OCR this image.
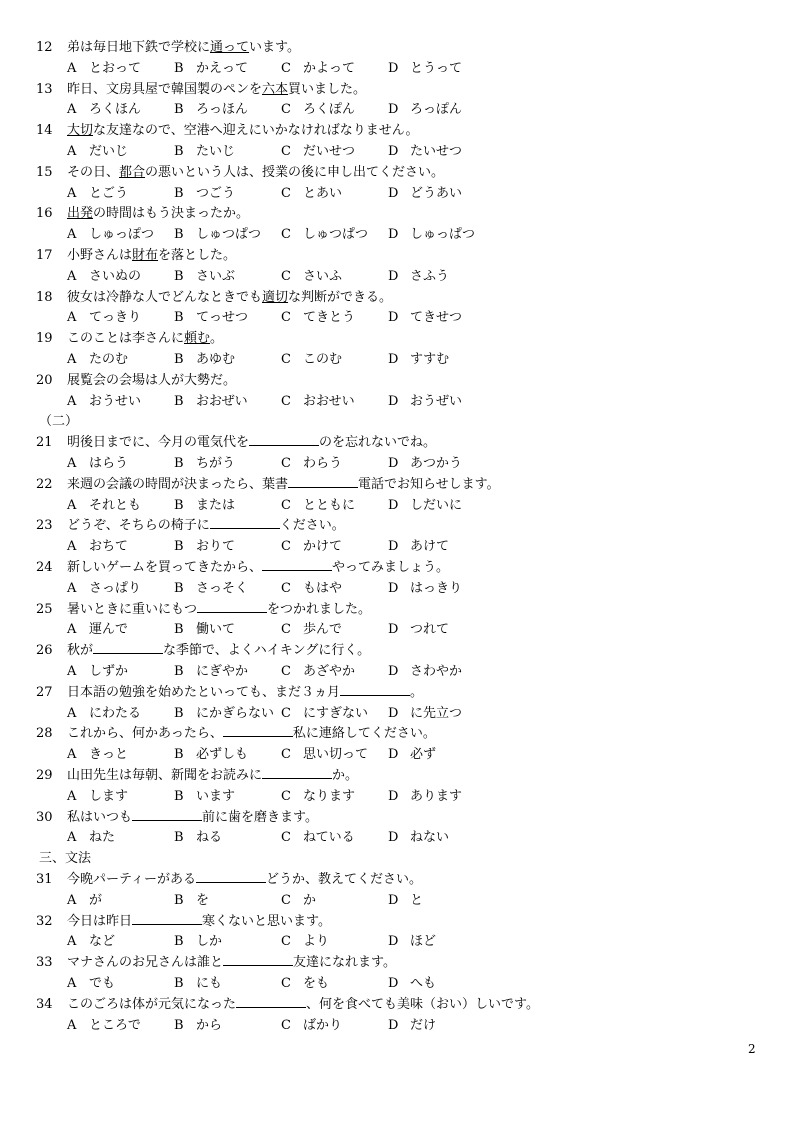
12	弟は毎日地下鉄で学校に通っています。
A とおって	B かえって	C かよって	D とうって
13	昨日、文房具屋で韓国製のペンを六本買いました。
A ろくほん	B ろっほん	C ろくぽん	D ろっぽん
14	大切な友達なので、空港へ迎えにいかなければなりません。
A だいじ	B たいじ	C だいせつ	D たいせつ
15	その日、都合の悪いという人は、授業の後に申し出てください。
A とごう	B つごう	C とあい	D どうあい
16	出発の時間はもう決まったか。
A しゅっぽつ B しゅつぱつ C しゅつぱつ D しゅっぱつ
17	小野さんは財布を落とした。
A さいぬの	B さいぶ	C さいふ	D さふう
18	彼女は冷静な人でどんなときでも適切な判断ができる。
A てっきり	B てっせつ	C てきとう	D てきせつ
19	このことは李さんに頼む。
A たのむ	B あゆむ	C このむ	D すすむ
20	展覧会の会場は人が大勢だ。
A おうせい	B おおぜい	C おおせい	D おうぜい
（二）
21	明後日までに、今月の電気代を	のを忘れないでね。
A はらう	B ちがう	C わらう	D あつかう
22	来週の会議の時間が決まったら、葉書	電話でお知らせします。
A それとも	B または	C とともに	D しだいに
23	どうぞ、そちらの椅子に	ください。
A おちて	B おりて	C かけて	D あけて
24	新しいゲームを買ってきたから、	やってみましょう。
A さっぱり	B さっそく	C もはや	D はっきり
25	暑いときに重いにもつ	をつかれました。
A 運んで	B 働いて	C 歩んで	D つれて
26	秋が	な季節で、よくハイキングに行く。
A しずか	B にぎやか	C あざやか	D さわやか
27	日本語の勉強を始めたといっても、まだ３ヵ月	。
A にわたる	B にかぎらない C にすぎない D に先立つ
28	これから、何かあったら、	私に連絡してください。
A きっと	B 必ずしも	C 思い切って D 必ず
29	山田先生は毎朝、新聞をお読みに	か。
A します	B います	C なります	D あります
30	私はいつも	前に歯を磨きます。
A ねた	B ねる	C ねている	D ねない
三、文法
31	今晩パーティーがある	どうか、教えてください。
A が	B を	C か	D と
32	今日は昨日	寒くないと思います。
A など	B しか	C より	D ほど
33	マナさんのお兄さんは誰と	友達になれます。
A でも	B にも	C をも	D へも
34	このごろは体が元気になった	、何を食べても美味（おい）しいです。
A ところで	B から	C ばかり	D だけ
2
